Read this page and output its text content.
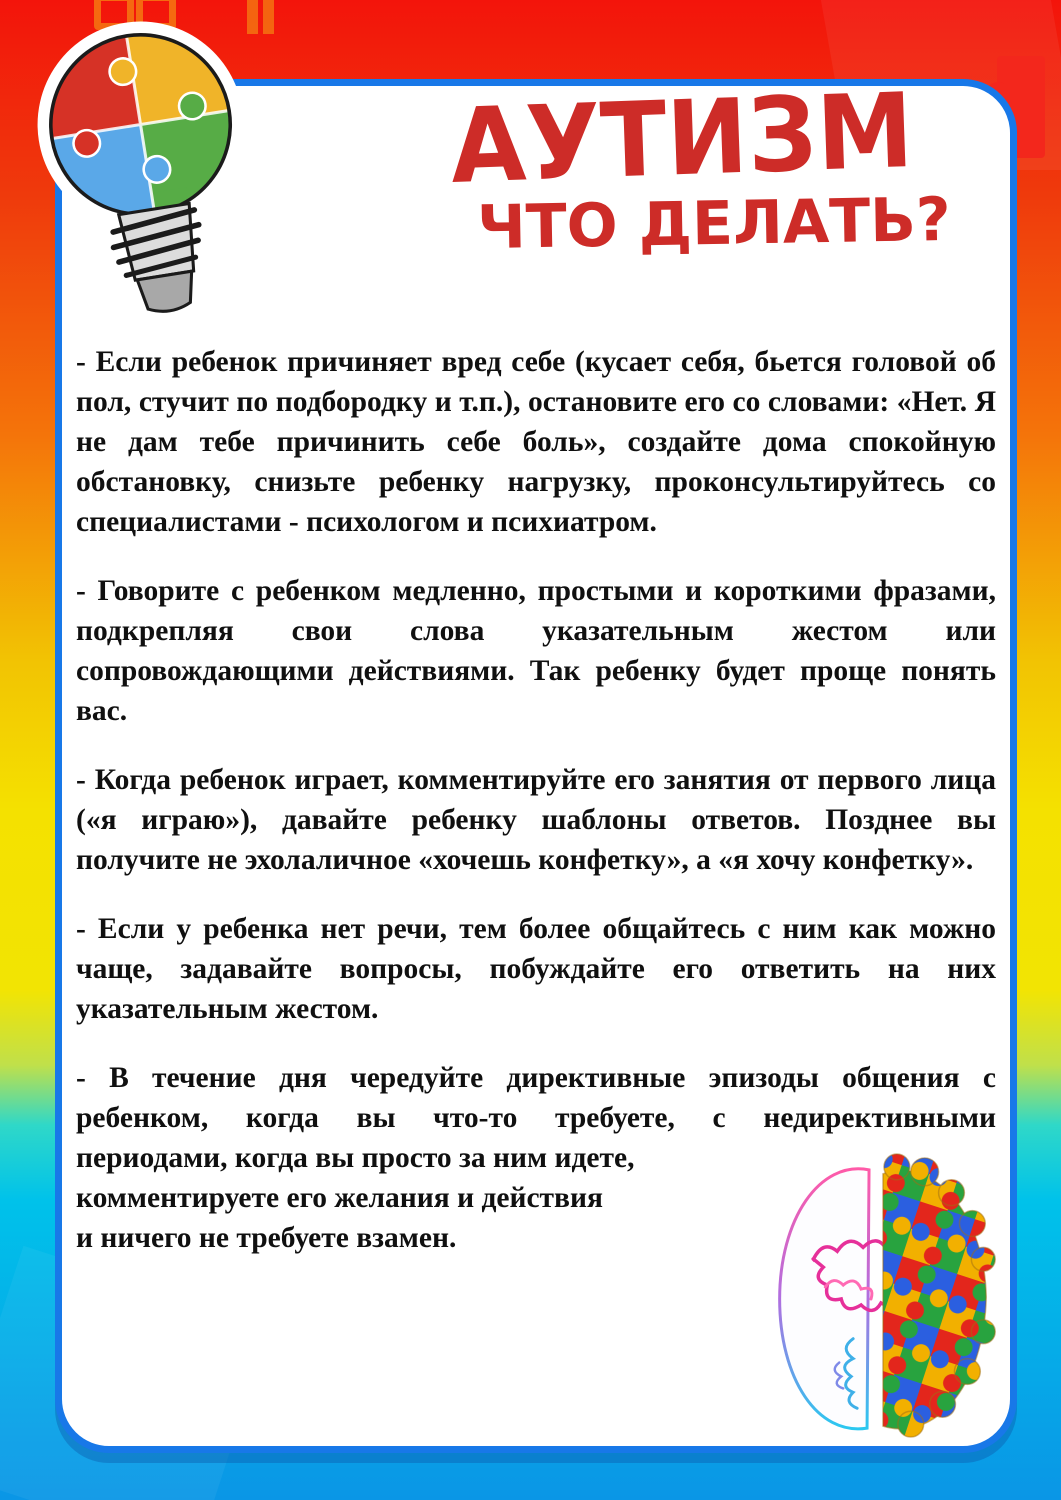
АУТИЗМ
ЧТО ДЕЛАТЬ?

- Если ребенок причиняет вред себе (кусает себя, бьется головой об пол, стучит по подбородку и т.п.), остановите его со словами: «Нет. Я не дам тебе причинить себе боль», создайте дома спокойную обстановку, снизьте ребенку нагрузку, проконсультируйтесь со специалистами - психологом и психиатром.

- Говорите с ребенком медленно, простыми и короткими фразами, подкрепляя свои слова указательным жестом или сопровождающими действиями. Так ребенку будет проще понять вас.

- Когда ребенок играет, комментируйте его занятия от первого лица («я играю»), давайте ребенку шаблоны ответов. Позднее вы получите не эхолаличное «хочешь конфетку», а «я хочу конфетку».

- Если у ребенка нет речи, тем более общайтесь с ним как можно чаще, задавайте вопросы, побуждайте его ответить на них указательным жестом.

- В течение дня чередуйте директивные эпизоды общения с ребенком, когда вы что-то требуете, с недирективными

периодами, когда вы просто за ним идете,
комментируете его желания и действия
и ничего не требуете взамен.
